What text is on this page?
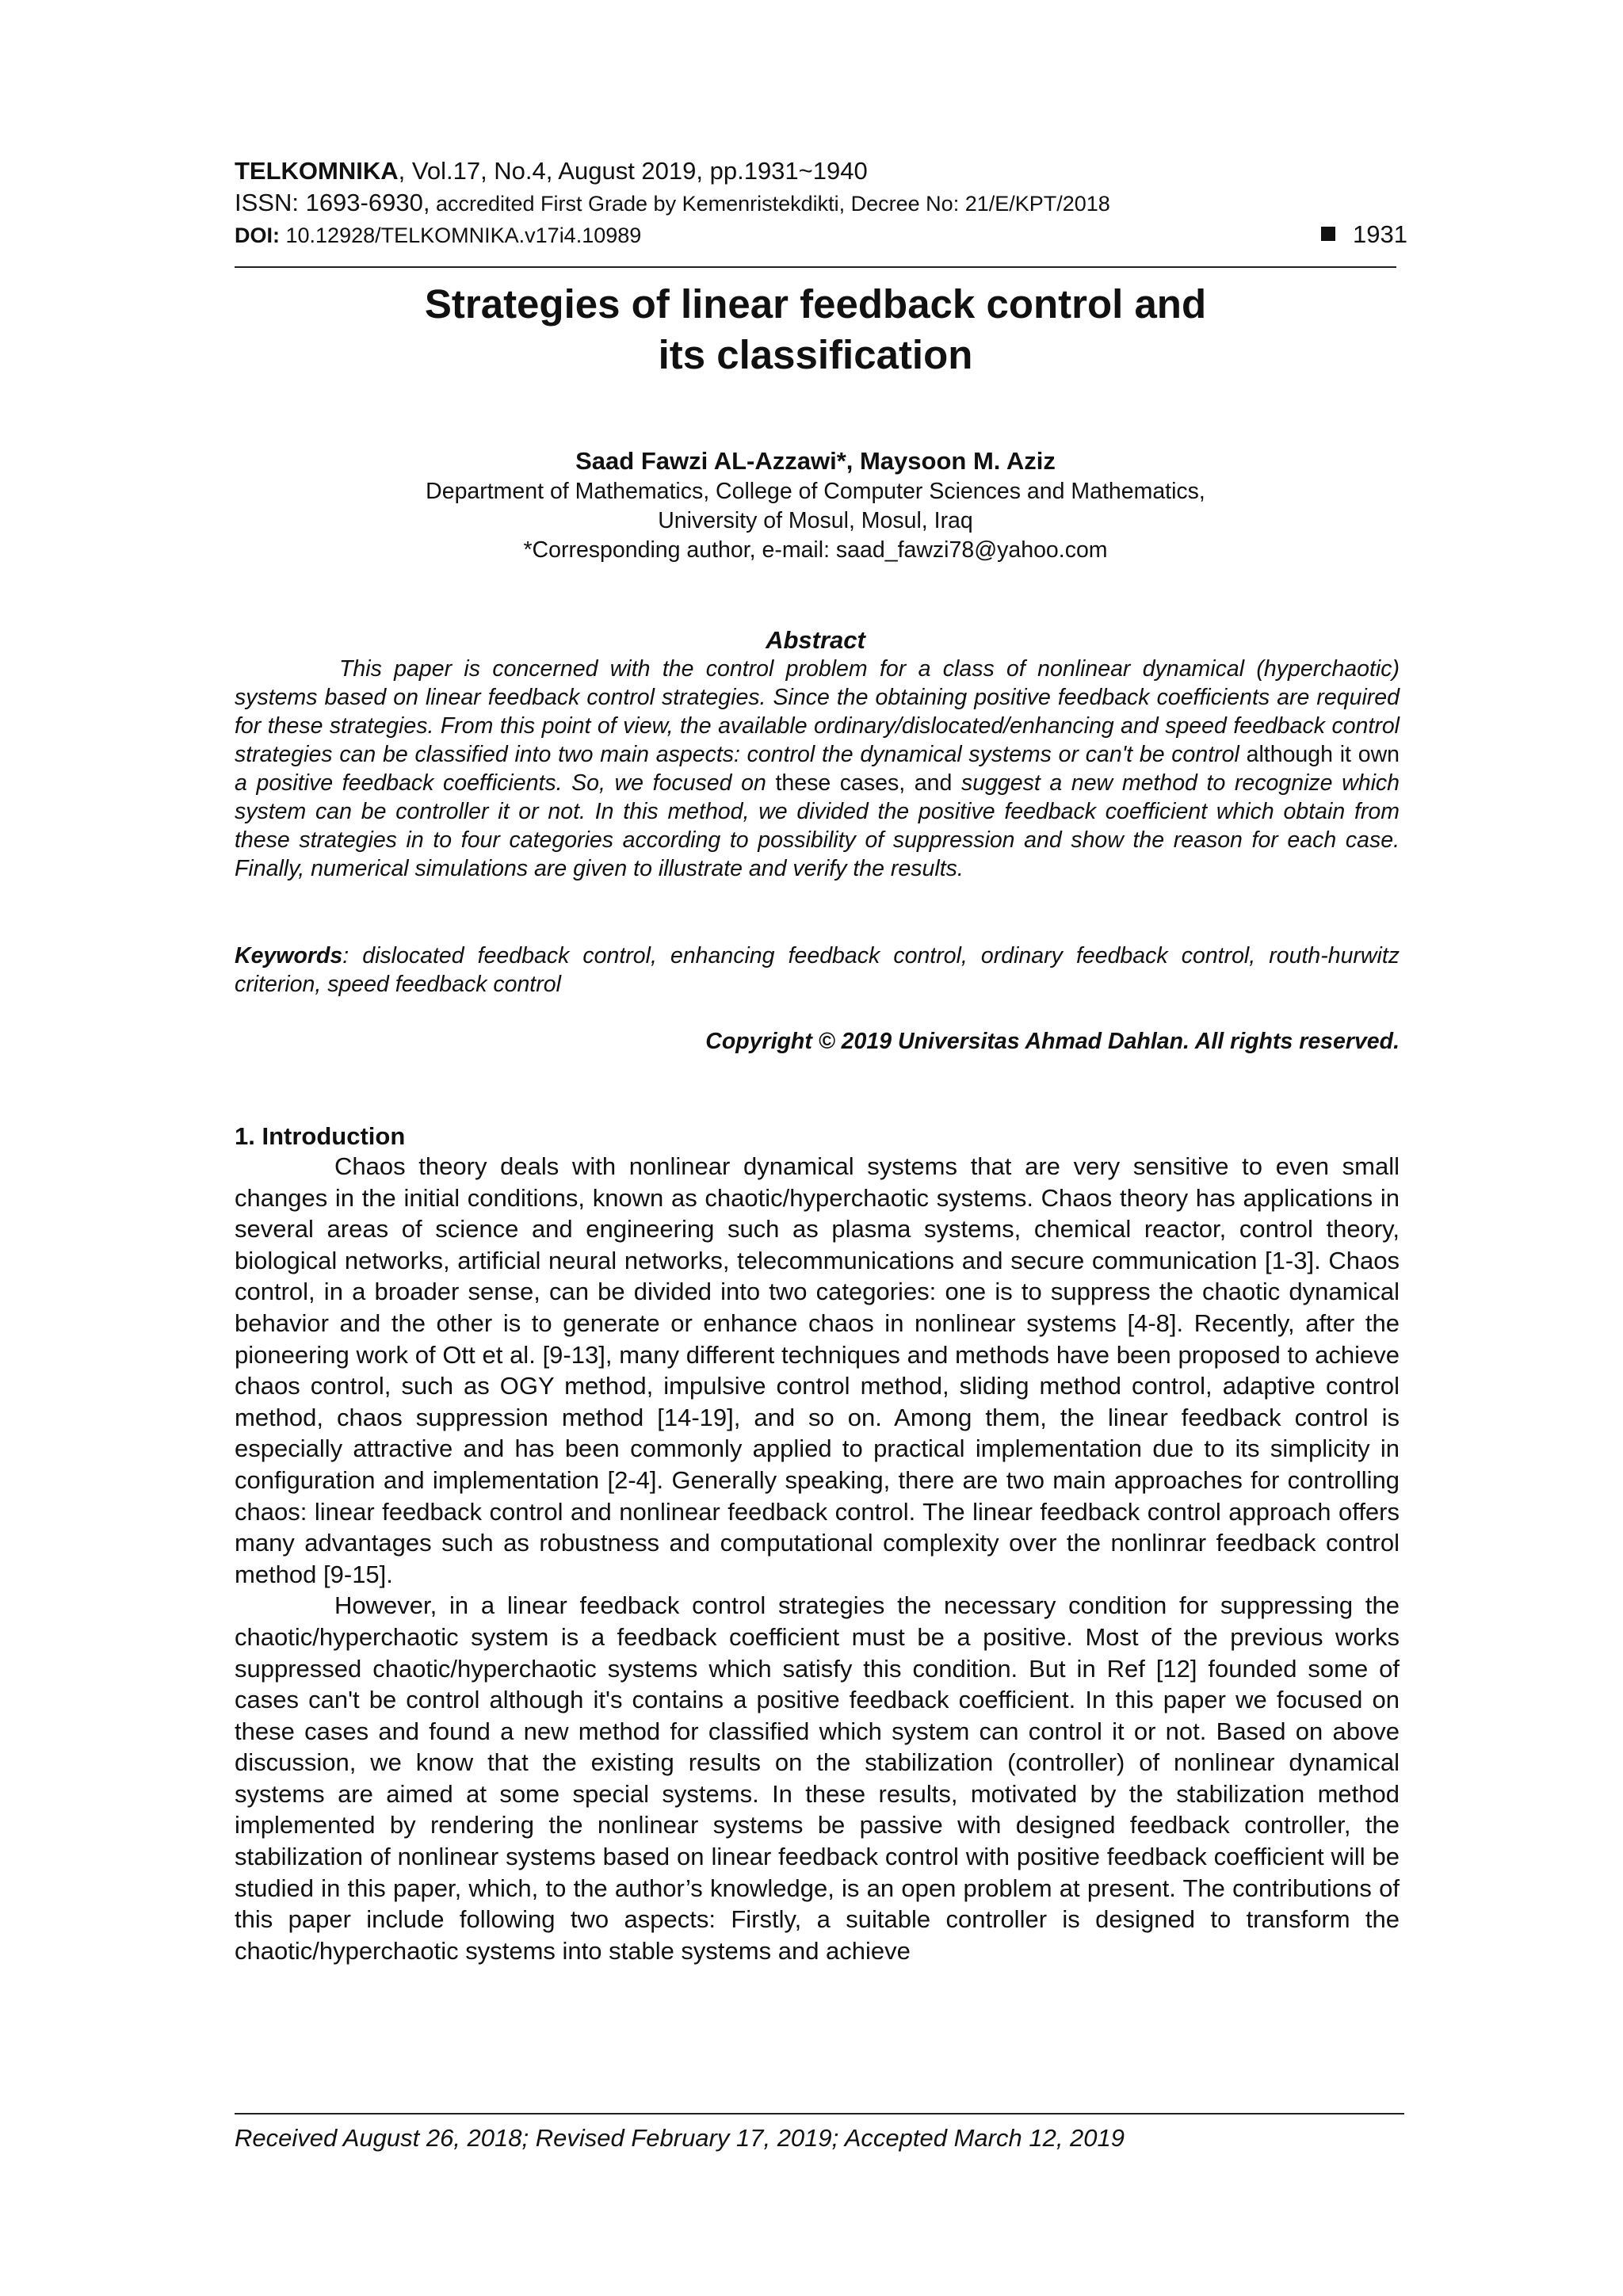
TELKOMNIKA, Vol.17, No.4, August 2019, pp.1931~1940
ISSN: 1693-6930, accredited First Grade by Kemenristekdikti, Decree No: 21/E/KPT/2018
DOI: 10.12928/TELKOMNIKA.v17i4.10989	1931
Strategies of linear feedback control and
its classification
Saad Fawzi AL-Azzawi*, Maysoon M. Aziz
Department of Mathematics, College of Computer Sciences and Mathematics,
University of Mosul, Mosul, Iraq
*Corresponding author, e-mail: saad_fawzi78@yahoo.com
Abstract
This paper is concerned with the control problem for a class of nonlinear dynamical (hyperchaotic) systems based on linear feedback control strategies. Since the obtaining positive feedback coefficients are required for these strategies. From this point of view, the available ordinary/dislocated/enhancing and speed feedback control strategies can be classified into two main aspects: control the dynamical systems or can't be control although it own a positive feedback coefficients. So, we focused on these cases, and suggest a new method to recognize which system can be controller it or not. In this method, we divided the positive feedback coefficient which obtain from these strategies in to four categories according to possibility of suppression and show the reason for each case. Finally, numerical simulations are given to illustrate and verify the results.
Keywords: dislocated feedback control, enhancing feedback control, ordinary feedback control, routh-hurwitz criterion, speed feedback control
Copyright © 2019 Universitas Ahmad Dahlan. All rights reserved.
1. Introduction

Chaos theory deals with nonlinear dynamical systems that are very sensitive to even small changes in the initial conditions, known as chaotic/hyperchaotic systems. Chaos theory has applications in several areas of science and engineering such as plasma systems, chemical reactor, control theory, biological networks, artificial neural networks, telecommunications and secure communication [1-3]. Chaos control, in a broader sense, can be divided into two categories: one is to suppress the chaotic dynamical behavior and the other is to generate or enhance chaos in nonlinear systems [4-8]. Recently, after the pioneering work of Ott et al. [9-13], many different techniques and methods have been proposed to achieve chaos control, such as OGY method, impulsive control method, sliding method control, adaptive control method, chaos suppression method [14-19], and so on. Among them, the linear feedback control is especially attractive and has been commonly applied to practical implementation due to its simplicity in configuration and implementation [2-4]. Generally speaking, there are two main approaches for controlling chaos: linear feedback control and nonlinear feedback control. The linear feedback control approach offers many advantages such as robustness and computational complexity over the nonlinrar feedback control method [9-15].

However, in a linear feedback control strategies the necessary condition for suppressing the chaotic/hyperchaotic system is a feedback coefficient must be a positive. Most of the previous works suppressed chaotic/hyperchaotic systems which satisfy this condition. But in Ref [12] founded some of cases can't be control although it's contains a positive feedback coefficient. In this paper we focused on these cases and found a new method for classified which system can control it or not. Based on above discussion, we know that the existing results on the stabilization (controller) of nonlinear dynamical systems are aimed at some special systems. In these results, motivated by the stabilization method implemented by rendering the nonlinear systems be passive with designed feedback controller, the stabilization of nonlinear systems based on linear feedback control with positive feedback coefficient will be studied in this paper, which, to the author’s knowledge, is an open problem at present. The contributions of this paper include following two aspects: Firstly, a suitable controller is designed to transform the chaotic/hyperchaotic systems into stable systems and achieve

Received August 26, 2018; Revised February 17, 2019; Accepted March 12, 2019
